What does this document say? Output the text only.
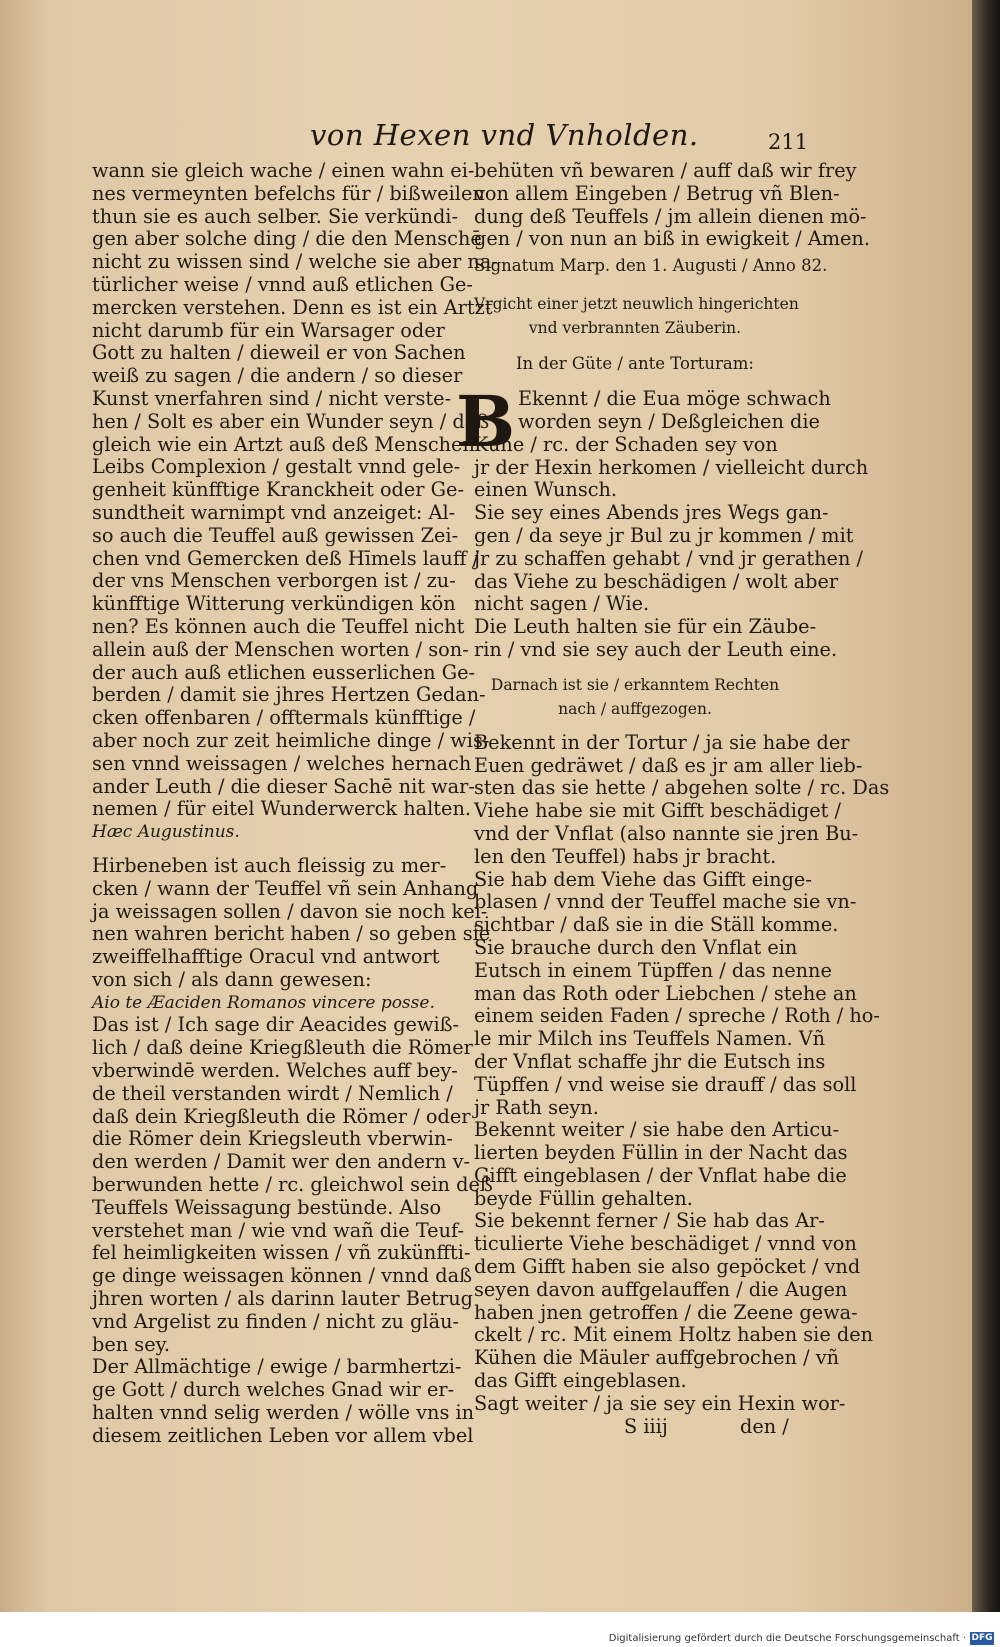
von Hexen vnd Vnholden.	211
wann sie gleich wache / einen wahn ei-
nes vermeynten befelchs für / bißweilen
thun sie es auch selber. Sie verkündi-
gen aber solche ding / die den Menschē
nicht zu wissen sind / welche sie aber na-
türlicher weise / vnnd auß etlichen Ge-
mercken verstehen. Denn es ist ein Artzt
nicht darumb für ein Warsager oder
Gott zu halten / dieweil er von Sachen
weiß zu sagen / die andern / so dieser
Kunst vnerfahren sind / nicht verste-
hen / Solt es aber ein Wunder seyn / daß
gleich wie ein Artzt auß deß Menschen
Leibs Complexion / gestalt vnnd gele-
genheit künfftige Kranckheit oder Ge-
sundtheit warnimpt vnd anzeiget: Al-
so auch die Teuffel auß gewissen Zei-
chen vnd Gemercken deß Hīmels lauff /
der vns Menschen verborgen ist / zu-
künfftige Witterung verkündigen kön
nen? Es können auch die Teuffel nicht
allein auß der Menschen worten / son-
der auch auß etlichen eusserlichen Ge-
berden / damit sie jhres Hertzen Gedan-
cken offenbaren / offtermals künfftige /
aber noch zur zeit heimliche dinge / wis-
sen vnnd weissagen / welches hernach
ander Leuth / die dieser Sachē nit war-
nemen / für eitel Wunderwerck halten.
Hæc Augustinus.
Hirbeneben ist auch fleissig zu mer-
cken / wann der Teuffel vñ sein Anhang
ja weissagen sollen / davon sie noch kei-
nen wahren bericht haben / so geben sie
zweiffelhafftige Oracul vnd antwort
von sich / als dann gewesen:
Aio te Æaciden Romanos vincere posse.
Das ist / Ich sage dir Aeacides gewiß-
lich / daß deine Kriegßleuth die Römer
vberwindē werden. Welches auff bey-
de theil verstanden wirdt / Nemlich /
daß dein Kriegßleuth die Römer / oder
die Römer dein Kriegsleuth vberwin-
den werden / Damit wer den andern v-
berwunden hette / rc. gleichwol sein deß
Teuffels Weissagung bestünde. Also
verstehet man / wie vnd wañ die Teuf-
fel heimligkeiten wissen / vñ zukünffti-
ge dinge weissagen können / vnnd daß
jhren worten / als darinn lauter Betrug
vnd Argelist zu finden / nicht zu gläu-
ben sey.
Der Allmächtige / ewige / barmhertzi-
ge Gott / durch welches Gnad wir er-
halten vnnd selig werden / wölle vns in
diesem zeitlichen Leben vor allem vbel
behüten vñ bewaren / auff daß wir frey
von allem Eingeben / Betrug vñ Blen-
dung deß Teuffels / jm allein dienen mö-
gen / von nun an biß in ewigkeit / Amen.
Signatum Marp. den 1. Augusti / Anno 82.
Vrgicht einer jetzt neuwlich hingerichten
vnd verbrannten Zäuberin.
In der Güte / ante Torturam:
B Ekennt / die Eua möge schwach
worden seyn / Deßgleichen die
Kuhe / rc. der Schaden sey von
jr der Hexin herkomen / vielleicht durch
einen Wunsch.
Sie sey eines Abends jres Wegs gan-
gen / da seye jr Bul zu jr kommen / mit
jr zu schaffen gehabt / vnd jr gerathen /
das Viehe zu beschädigen / wolt aber
nicht sagen / Wie.
Die Leuth halten sie für ein Zäube-
rin / vnd sie sey auch der Leuth eine.
Darnach ist sie / erkanntem Rechten
nach / auffgezogen.
Bekennt in der Tortur / ja sie habe der
Euen gedräwet / daß es jr am aller lieb-
sten das sie hette / abgehen solte / rc. Das
Viehe habe sie mit Gifft beschädiget /
vnd der Vnflat (also nannte sie jren Bu-
len den Teuffel) habs jr bracht.
Sie hab dem Viehe das Gifft einge-
blasen / vnnd der Teuffel mache sie vn-
sichtbar / daß sie in die Ställ komme.
Sie brauche durch den Vnflat ein
Eutsch in einem Tüpffen / das nenne
man das Roth oder Liebchen / stehe an
einem seiden Faden / spreche / Roth / ho-
le mir Milch ins Teuffels Namen. Vñ
der Vnflat schaffe jhr die Eutsch ins
Tüpffen / vnd weise sie drauff / das soll
jr Rath seyn.
Bekennt weiter / sie habe den Articu-
lierten beyden Füllin in der Nacht das
Gifft eingeblasen / der Vnflat habe die
beyde Füllin gehalten.
Sie bekennt ferner / Sie hab das Ar-
ticulierte Viehe beschädiget / vnnd von
dem Gifft haben sie also gepöcket / vnd
seyen davon auffgelauffen / die Augen
haben jnen getroffen / die Zeene gewa-
ckelt / rc. Mit einem Holtz haben sie den
Kühen die Mäuler auffgebrochen / vñ
das Gifft eingeblasen.
Sagt weiter / ja sie sey ein Hexin wor-
S iiij	den /
Digitalisierung gefördert durch die Deutsche Forschungsgemeinschaft · DFG
